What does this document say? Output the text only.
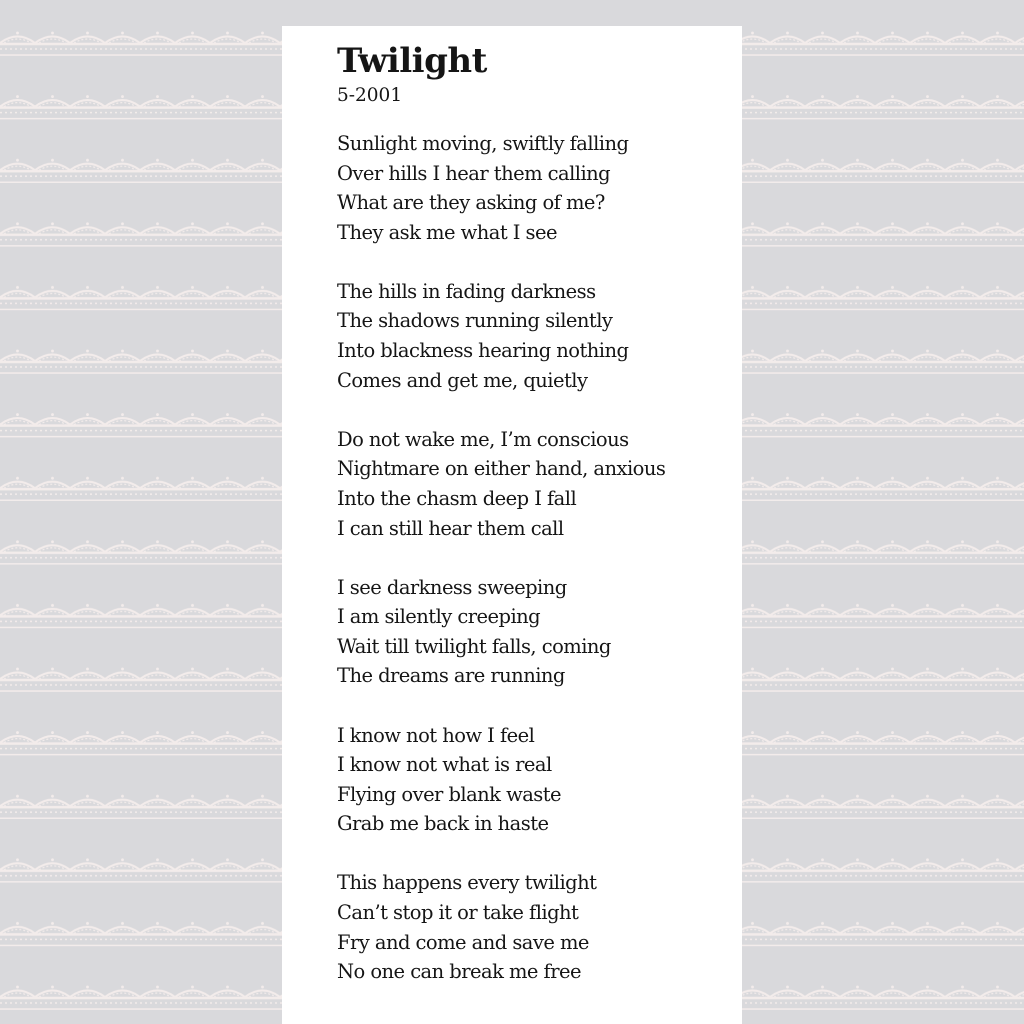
Twilight
5-2001
Sunlight moving, swiftly falling
Over hills I hear them calling
What are they asking of me?
They ask me what I see
The hills in fading darkness
The shadows running silently
Into blackness hearing nothing
Comes and get me, quietly
Do not wake me, I’m conscious
Nightmare on either hand, anxious
Into the chasm deep I fall
I can still hear them call
I see darkness sweeping
I am silently creeping
Wait till twilight falls, coming
The dreams are running
I know not how I feel
I know not what is real
Flying over blank waste
Grab me back in haste
This happens every twilight
Can’t stop it or take flight
Fry and come and save me
No one can break me free
